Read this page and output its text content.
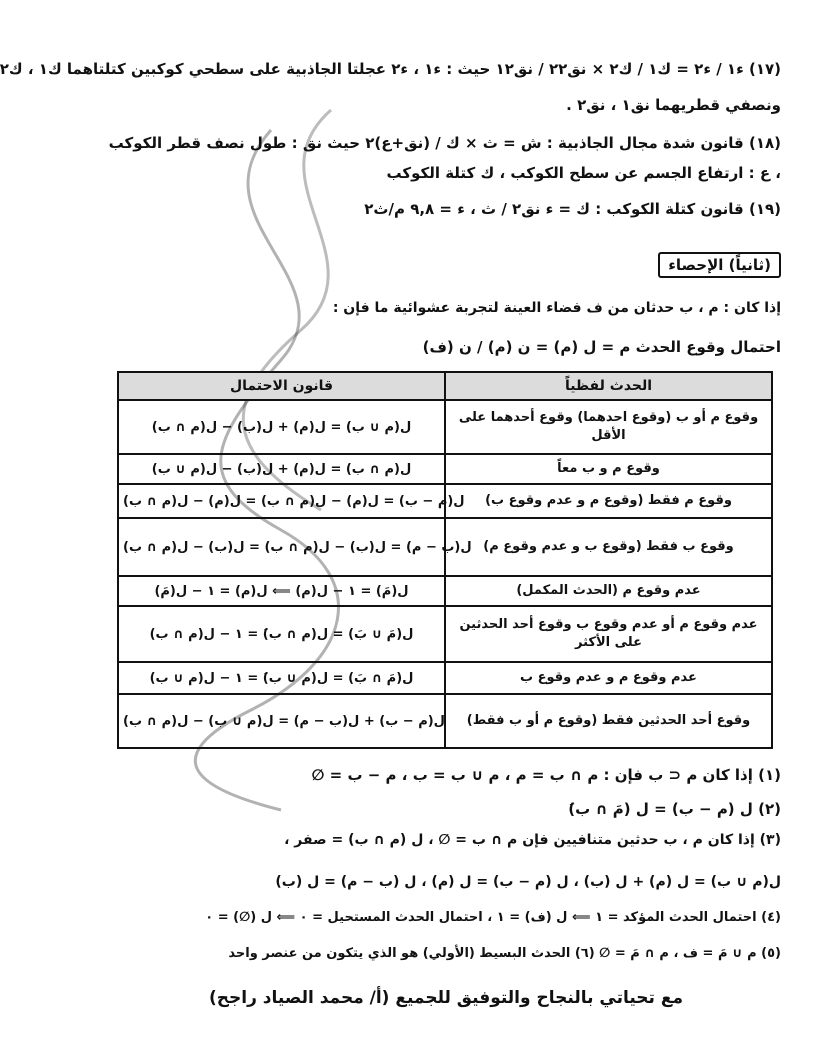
(١٧) ء١ / ء٢ = ك١ / ك٢ × نق٢٢ / نق١٢ حيث : ء١ ، ء٢ عجلتا الجاذبية على سطحي كوكبين كتلتاهما ك١ ، ك٢
ونصفي قطريهما نق١ ، نق٢ .
(١٨) قانون شدة مجال الجاذبية : ش = ث × ك / (نق+ع)٢ حيث نق : طول نصف قطر الكوكب
، ع : ارتفاع الجسم عن سطح الكوكب ، ك كتلة الكوكب
(١٩) قانون كتلة الكوكب : ك = ء نق٢ / ث ، ء = ٩,٨ م/ث٢
(ثانياً) الإحصاء
إذا كان : م ، ب حدثان من ف فضاء العينة لتجربة عشوائية ما فإن :
احتمال وقوع الحدث م = ل (م) = ن (م) / ن (ف)
الحدث لفظياً	قانون الاحتمال
وقوع م أو ب (وقوع احدهما) وقوع أحدهما على الأقل	ل(م ∪ ب) = ل(م) + ل(ب) − ل(م ∩ ب)
وقوع م و ب معاً	ل(م ∩ ب) = ل(م) + ل(ب) − ل(م ∪ ب)
وقوع م فقط (وقوع م و عدم وقوع ب)	ل(م − ب) = ل(م) − ل(م ∩ ب) = ل(م) − ل(م ∩ ب)
وقوع ب فقط (وقوع ب و عدم وقوع م)	ل(ب − م) = ل(ب) − ل(م ∩ ب) = ل(ب) − ل(م ∩ ب)
عدم وقوع م (الحدث المكمل)	ل(مَ) = ١ − ل(م) ⟸ ل(م) = ١ − ل(مَ)
عدم وقوع م أو عدم وقوع ب وقوع أحد الحدثين على الأكثر	ل(مَ ∪ بَ) = ل(م ∩ ب)َ = ١ − ل(م ∩ ب)
عدم وقوع م و عدم وقوع ب	ل(مَ ∩ بَ) = ل(م ∪ ب)َ = ١ − ل(م ∪ ب)
وقوع أحد الحدثين فقط (وقوع م أو ب فقط)	ل(م − ب) + ل(ب − م) = ل(م ∪ ب) − ل(م ∩ ب)
(١) إذا كان م ⊂ ب فإن : م ∩ ب = م ، م ∪ ب = ب ، م − ب = ∅
(٢) ل (م − ب) = ل (مَ ∩ ب)َ
(٣) إذا كان م ، ب حدثين متنافيين فإن م ∩ ب = ∅ ، ل (م ∩ ب) = صفر ،
ل(م ∪ ب) = ل (م) + ل (ب) ، ل (م − ب) = ل (م) ، ل (ب − م) = ل (ب)
(٤) احتمال الحدث المؤكد = ١ ⟸ ل (ف) = ١ ، احتمال الحدث المستحيل = ٠ ⟸ ل (∅) = ٠
(٥) م ∪ مَ = ف ، م ∩ مَ = ∅ (٦) الحدث البسيط (الأولي) هو الذي يتكون من عنصر واحد
مع تحياتي بالنجاح والتوفيق للجميع (أ/ محمد الصياد راجح)
